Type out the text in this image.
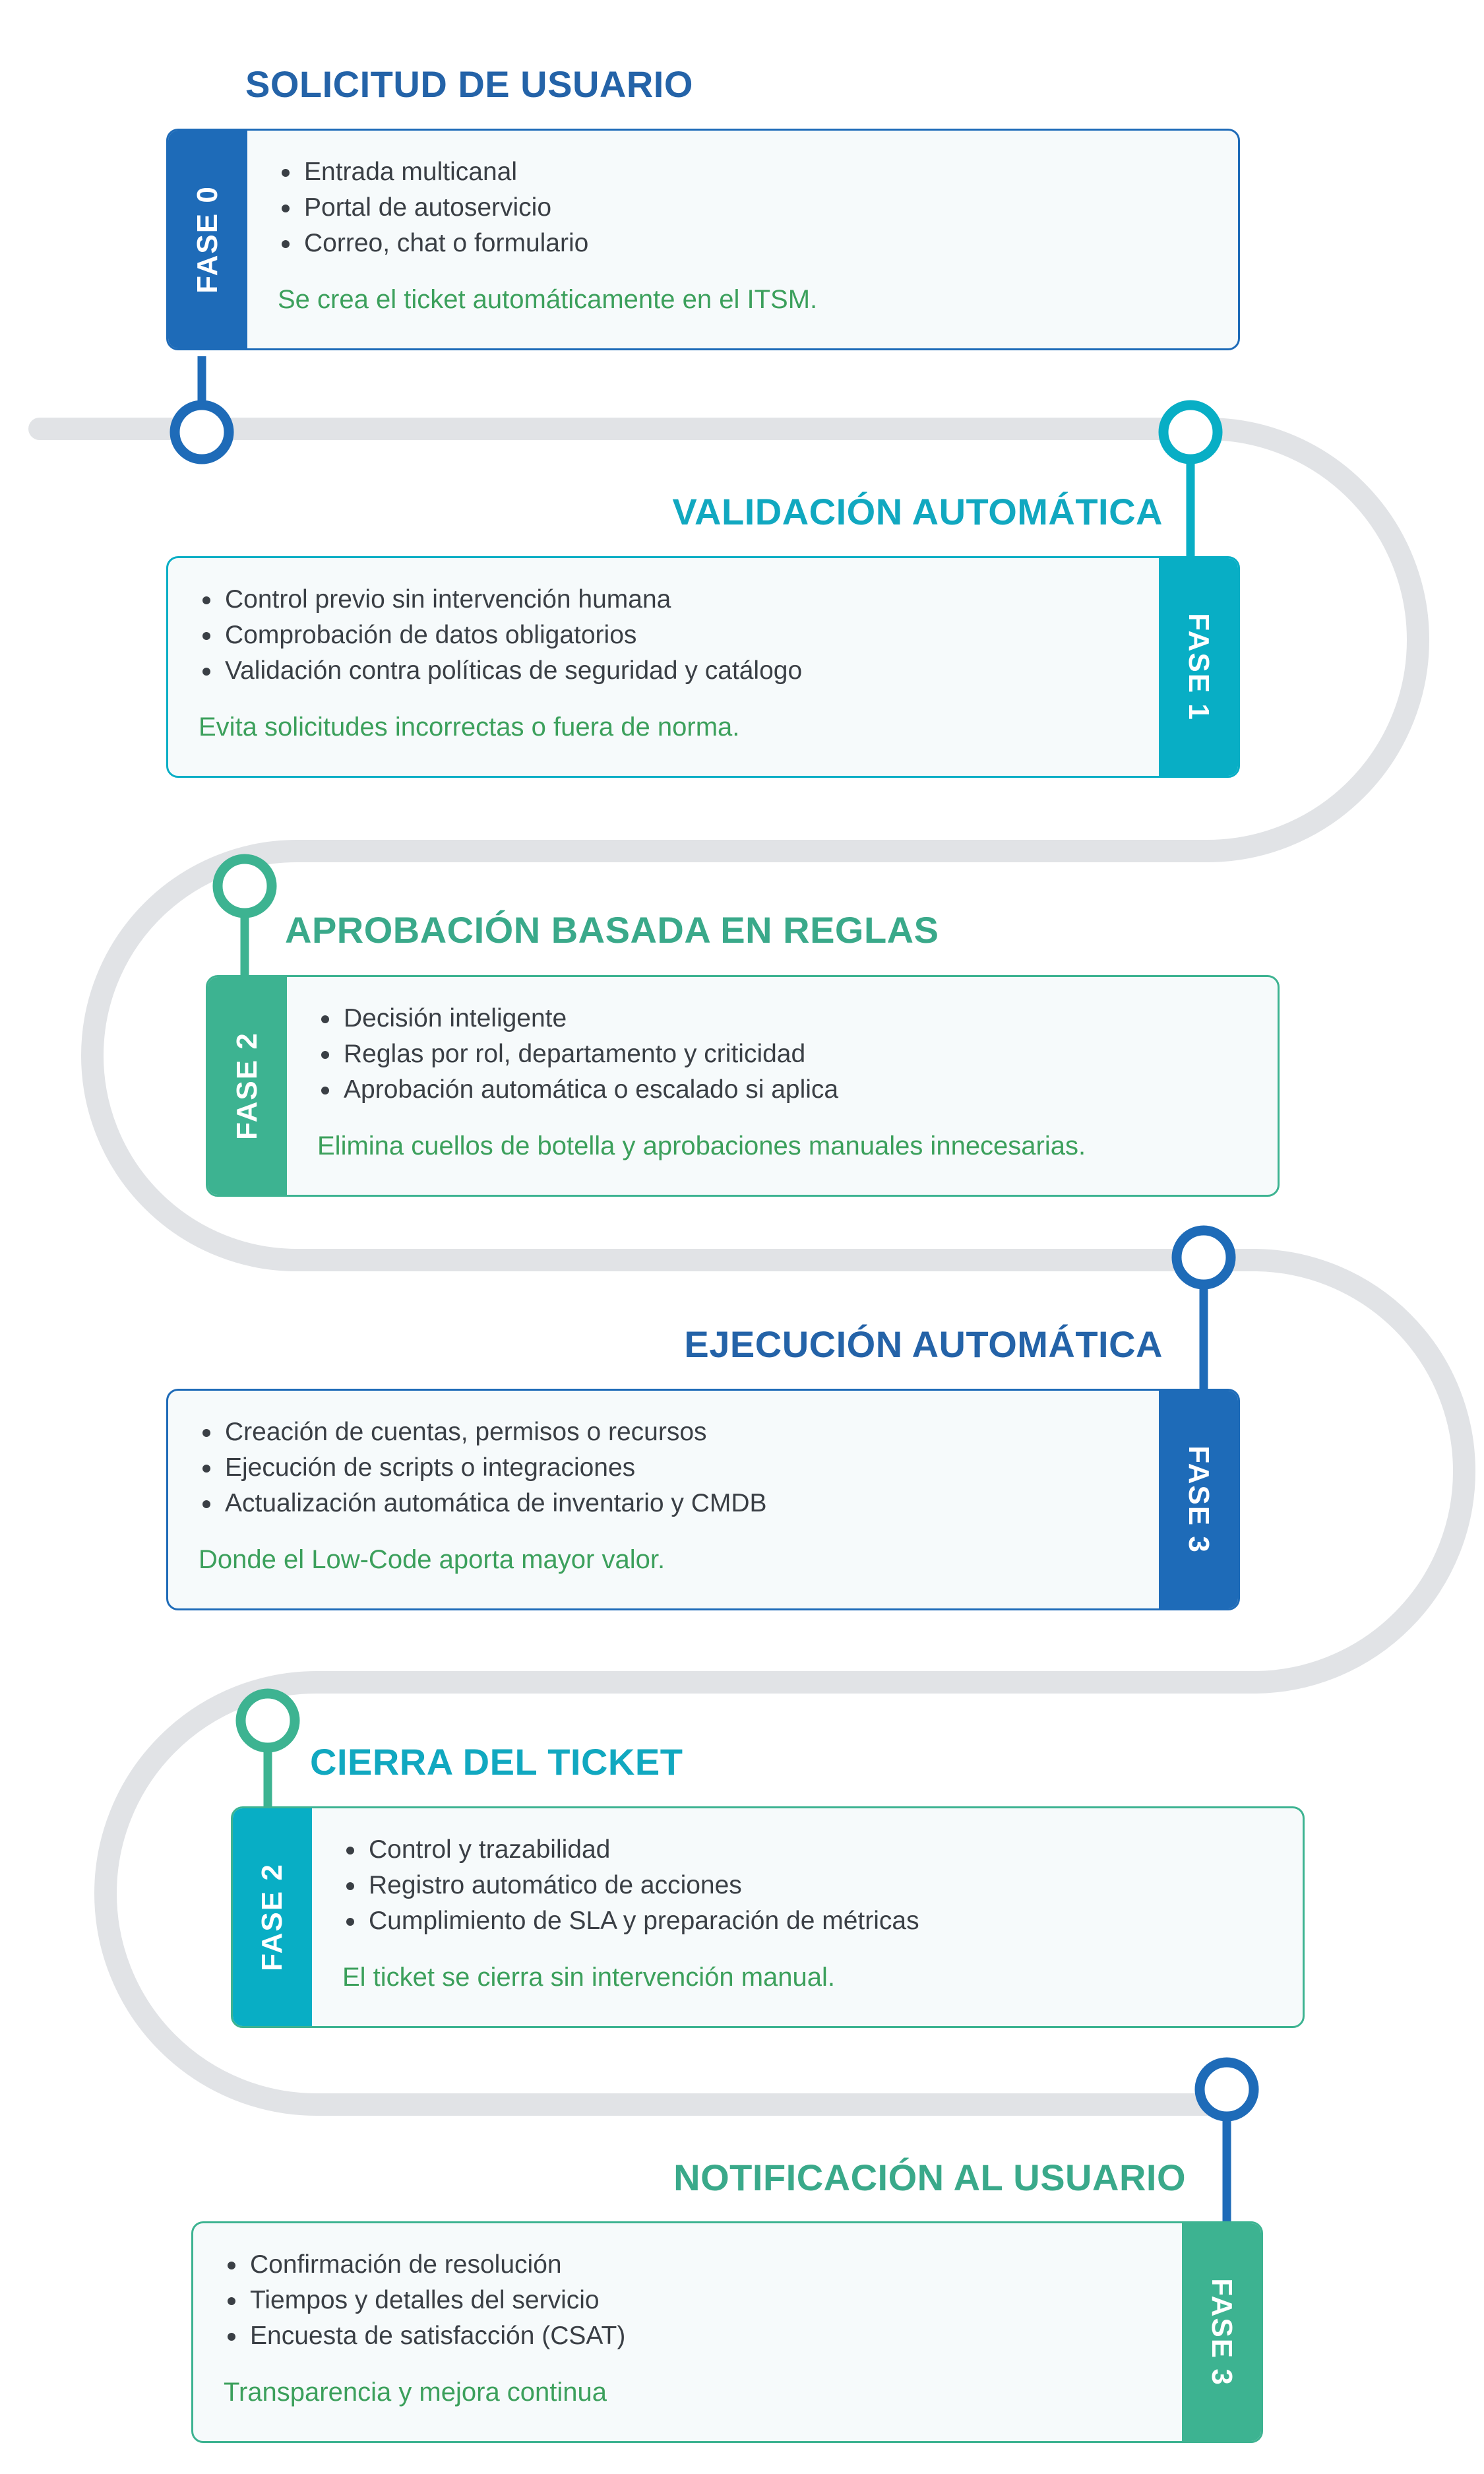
SOLICITUD DE USUARIO
FASE 0
Entrada multicanal
Portal de autoservicio
Correo, chat o formulario
Se crea el ticket automáticamente en el ITSM.
VALIDACIÓN AUTOMÁTICA
FASE 1
Control previo sin intervención humana
Comprobación de datos obligatorios
Validación contra políticas de seguridad y catálogo
Evita solicitudes incorrectas o fuera de norma.
APROBACIÓN BASADA EN REGLAS
FASE 2
Decisión inteligente
Reglas por rol, departamento y criticidad
Aprobación automática o escalado si aplica
Elimina cuellos de botella y aprobaciones manuales innecesarias.
EJECUCIÓN AUTOMÁTICA
FASE 3
Creación de cuentas, permisos o recursos
Ejecución de scripts o integraciones
Actualización automática de inventario y CMDB
Donde el Low-Code aporta mayor valor.
CIERRA DEL TICKET
FASE 2
Control y trazabilidad
Registro automático de acciones
Cumplimiento de SLA y preparación de métricas
El ticket se cierra sin intervención manual.
NOTIFICACIÓN AL USUARIO
FASE 3
Confirmación de resolución
Tiempos y detalles del servicio
Encuesta de satisfacción (CSAT)
Transparencia y mejora continua
